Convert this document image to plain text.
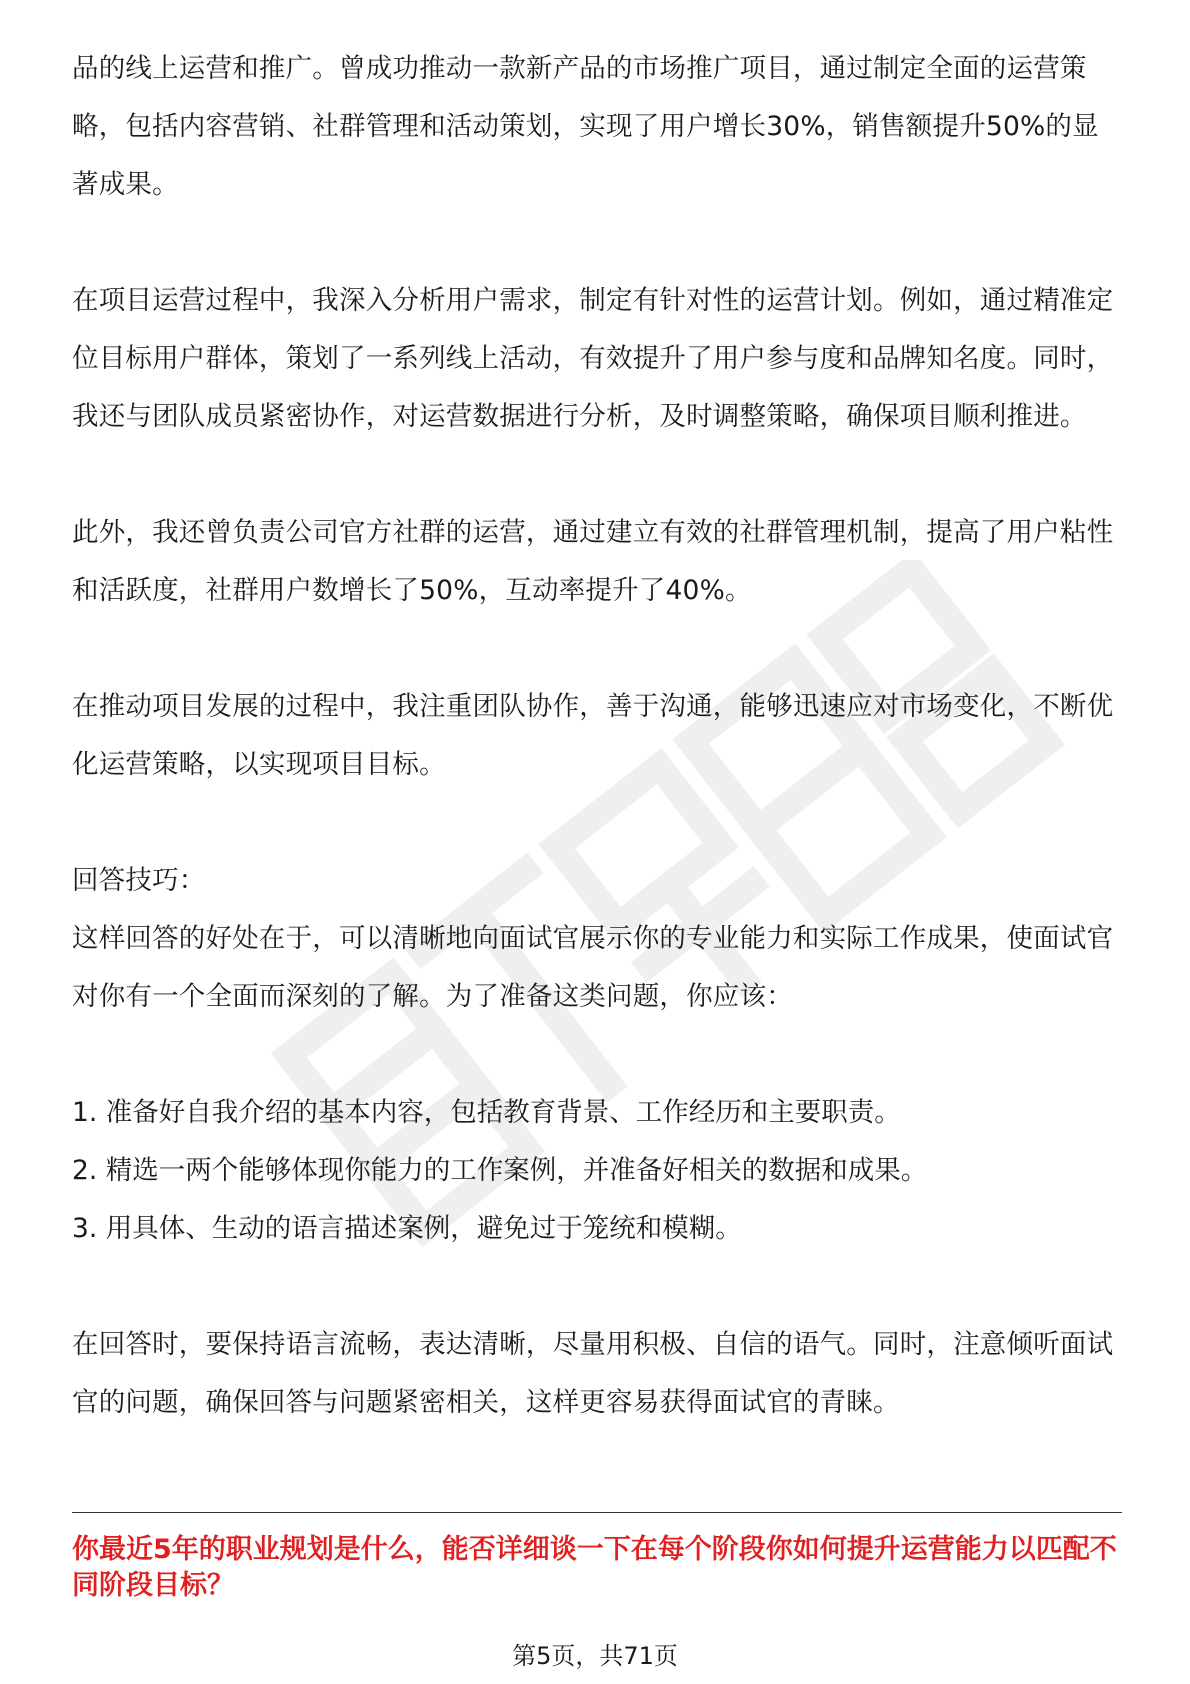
品的线上运营和推广。曾成功推动一款新产品的市场推广项目，通过制定全面的运营策略，包括内容营销、社群管理和活动策划，实现了用户增长30%，销售额提升50%的显著成果。

在项目运营过程中，我深入分析用户需求，制定有针对性的运营计划。例如，通过精准定位目标用户群体，策划了一系列线上活动，有效提升了用户参与度和品牌知名度。同时，我还与团队成员紧密协作，对运营数据进行分析，及时调整策略，确保项目顺利推进。

此外，我还曾负责公司官方社群的运营，通过建立有效的社群管理机制，提高了用户粘性和活跃度，社群用户数增长了50%，互动率提升了40%。

在推动项目发展的过程中，我注重团队协作，善于沟通，能够迅速应对市场变化，不断优化运营策略，以实现项目目标。

回答技巧：

这样回答的好处在于，可以清晰地向面试官展示你的专业能力和实际工作成果，使面试官对你有一个全面而深刻的了解。为了准备这类问题，你应该：

1. 准备好自我介绍的基本内容，包括教育背景、工作经历和主要职责。

2. 精选一两个能够体现你能力的工作案例，并准备好相关的数据和成果。

3. 用具体、生动的语言描述案例，避免过于笼统和模糊。

在回答时，要保持语言流畅，表达清晰，尽量用积极、自信的语气。同时，注意倾听面试官的问题，确保回答与问题紧密相关，这样更容易获得面试官的青睐。

你最近5年的职业规划是什么，能否详细谈一下在每个阶段你如何提升运营能力以匹配不同阶段目标？

第5页，共71页
